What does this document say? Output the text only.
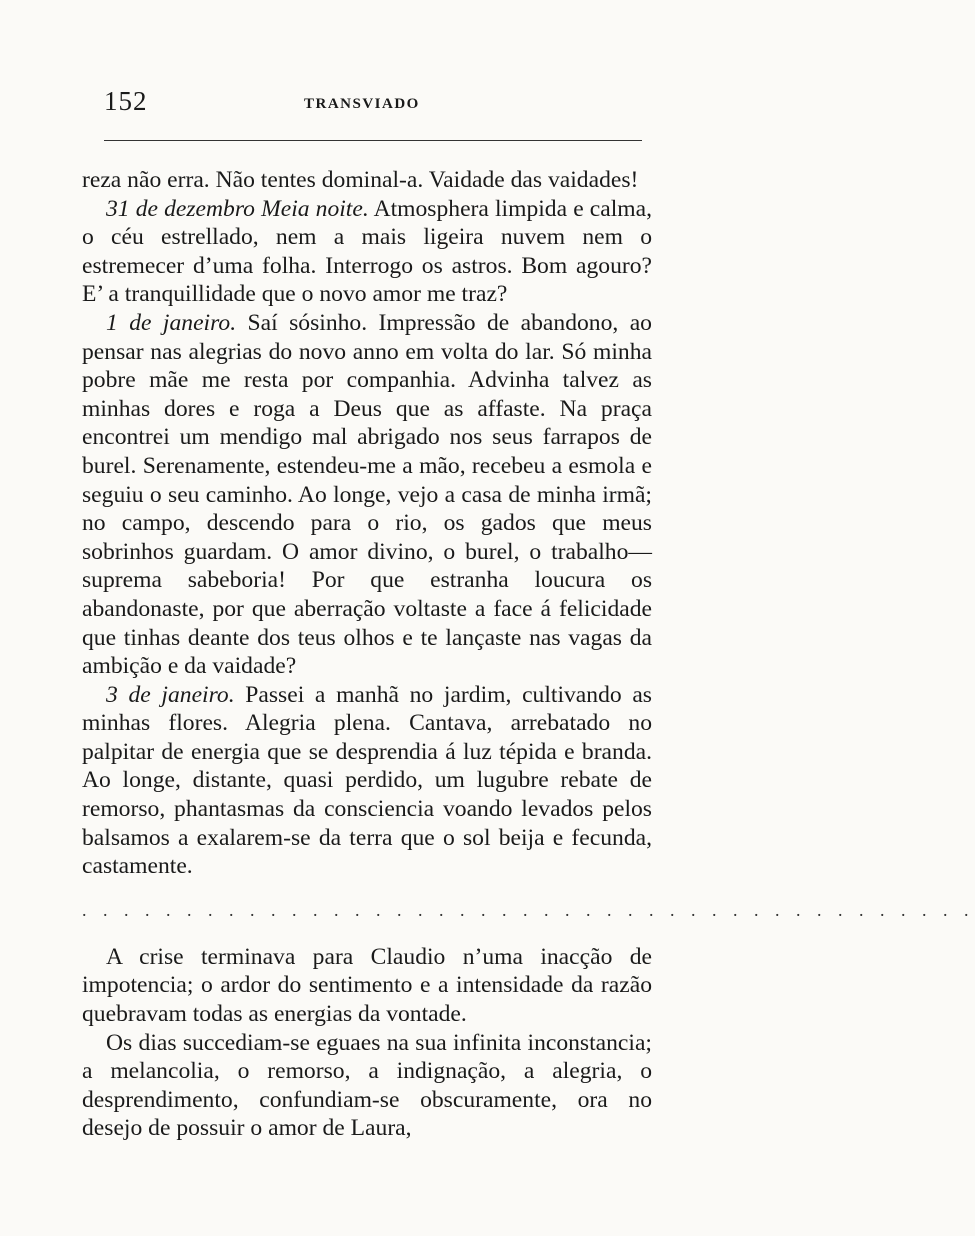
152	TRANSVIADO

reza não erra. Não tentes dominal-a. Vaidade das vaidades!

31 de dezembro Meia noite. Atmosphera limpida e calma, o céu estrellado, nem a mais ligeira nuvem nem o estremecer d’uma folha. Interrogo os astros. Bom agouro? E’ a tranquillidade que o novo amor me traz?

1 de janeiro. Saí sósinho. Impressão de abandono, ao pensar nas alegrias do novo anno em volta do lar. Só minha pobre mãe me resta por companhia. Advinha talvez as minhas dores e roga a Deus que as affaste. Na praça encontrei um mendigo mal abrigado nos seus farrapos de burel. Serenamente, estendeu-me a mão, recebeu a esmola e seguiu o seu caminho. Ao longe, vejo a casa de minha irmã; no campo, descendo para o rio, os gados que meus sobrinhos guardam. O amor divino, o burel, o trabalho— suprema sabeboria! Por que estranha loucura os abandonaste, por que aberração voltaste a face á felicidade que tinhas deante dos teus olhos e te lançaste nas vagas da ambição e da vaidade?

3 de janeiro. Passei a manhã no jardim, cultivando as minhas flores. Alegria plena. Cantava, arrebatado no palpitar de energia que se desprendia á luz tépida e branda. Ao longe, distante, quasi perdido, um lugubre rebate de remorso, phantasmas da consciencia voando levados pelos balsamos a exalarem-se da terra que o sol beija e fecunda, castamente.

. . . . . . . . . . . . . . . . . . . . . . . . . . . . . . . . . . . . . . . . . . .

A crise terminava para Claudio n’uma inacção de impotencia; o ardor do sentimento e a intensidade da razão quebravam todas as energias da vontade.

Os dias succediam-se eguaes na sua infinita inconstancia; a melancolia, o remorso, a indignação, a alegria, o desprendimento, confundiam-se obscuramente, ora no desejo de possuir o amor de Laura,
